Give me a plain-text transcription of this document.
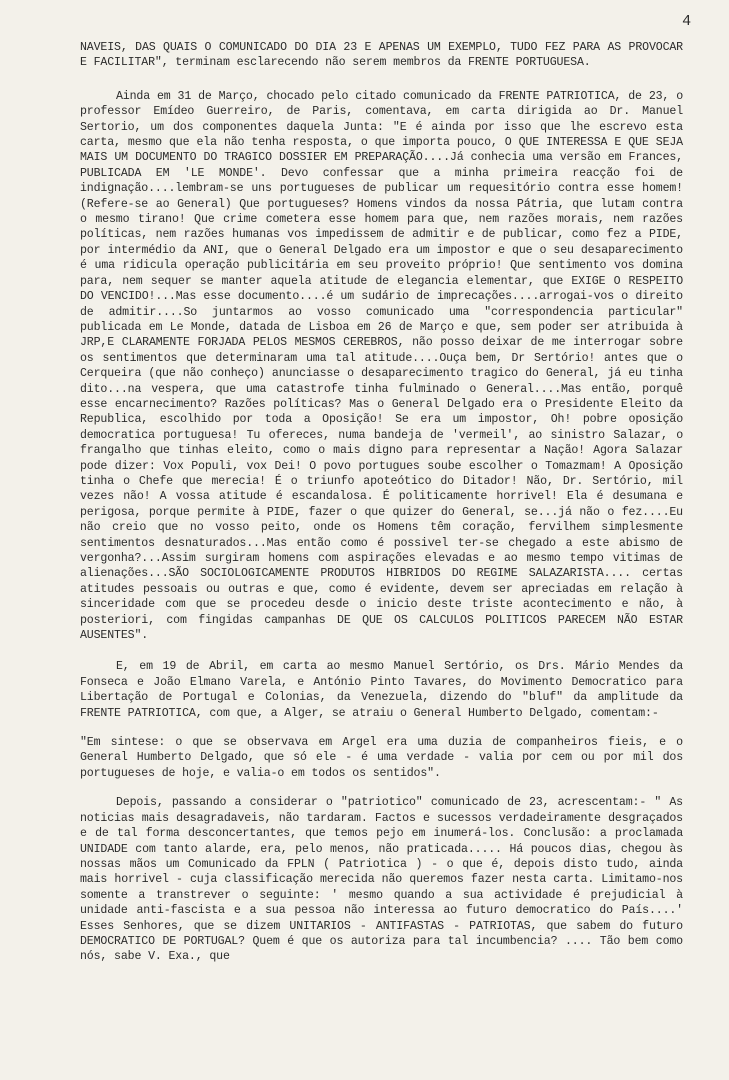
4

NAVEIS, DAS QUAIS O COMUNICADO DO DIA 23 E APENAS UM EXEMPLO, TUDO FEZ PARA AS PROVOCAR E FACILITAR", terminam esclarecendo não serem membros da FRENTE PORTUGUESA.

Ainda em 31 de Março, chocado pelo citado comunicado da FRENTE PATRIOTICA, de 23, o professor Emídeo Guerreiro, de Paris, comentava, em carta dirigida ao Dr. Manuel Sertorio, um dos componentes daquela Junta: "E é ainda por isso que lhe escrevo esta carta, mesmo que ela não tenha resposta, o que importa pouco, O QUE INTERESSA E QUE SEJA MAIS UM DOCUMENTO DO TRAGICO DOSSIER EM PREPARAÇÃO....Já conhecia uma versão em Frances, PUBLICADA EM 'LE MONDE'. Devo confessar que a minha primeira reacção foi de indignação....lembram-se uns portugueses de publicar um requesitório contra esse homem! (Refere-se ao General) Que portugueses? Homens vindos da nossa Pátria, que lutam contra o mesmo tirano! Que crime cometera esse homem para que, nem razões morais, nem razões políticas, nem razões humanas vos impedissem de admitir e de publicar, como fez a PIDE, por intermédio da ANI, que o General Delgado era um impostor e que o seu desaparecimento é uma ridicula operação publicitária em seu proveito próprio! Que sentimento vos domina para, nem sequer se manter aquela atitude de elegancia elementar, que EXIGE O RESPEITO DO VENCIDO!...Mas esse documento....é um sudário de imprecações....arrogai-vos o direito de admitir....So juntarmos ao vosso comunicado uma "correspondencia particular" publicada em Le Monde, datada de Lisboa em 26 de Março e que, sem poder ser atribuida à JRP,E CLARAMENTE FORJADA PELOS MESMOS CEREBROS, não posso deixar de me interrogar sobre os sentimentos que determinaram uma tal atitude....Ouça bem, Dr Sertório! antes que o Cerqueira (que não conheço) anunciasse o desaparecimento tragico do General, já eu tinha dito...na vespera, que uma catastrofe tinha fulminado o General....Mas então, porquê esse encarnecimento? Razões políticas? Mas o General Delgado era o Presidente Eleito da Republica, escolhido por toda a Oposição! Se era um impostor, Oh! pobre oposição democratica portuguesa! Tu ofereces, numa bandeja de 'vermeil', ao sinistro Salazar, o frangalho que tinhas eleito, como o mais digno para representar a Nação! Agora Salazar pode dizer: Vox Populi, vox Dei! O povo portugues soube escolher o Tomazmam! A Oposição tinha o Chefe que merecia! É o triunfo apoteótico do Ditador! Não, Dr. Sertório, mil vezes não! A vossa atitude é escandalosa. É politicamente horrivel! Ela é desumana e perigosa, porque permite à PIDE, fazer o que quizer do General, se...já não o fez....Eu não creio que no vosso peito, onde os Homens têm coração, fervilhem simplesmente sentimentos desnaturados...Mas então como é possivel ter-se chegado a este abismo de vergonha?...Assim surgiram homens com aspirações elevadas e ao mesmo tempo vitimas de alienações...SÃO SOCIOLOGICAMENTE PRODUTOS HIBRIDOS DO REGIME SALAZARISTA.... certas atitudes pessoais ou outras e que, como é evidente, devem ser apreciadas em relação à sinceridade com que se procedeu desde o inicio deste triste acontecimento e não, à posteriori, com fingidas campanhas DE QUE OS CALCULOS POLITICOS PARECEM NÃO ESTAR AUSENTES".

E, em 19 de Abril, em carta ao mesmo Manuel Sertório, os Drs. Mário Mendes da Fonseca e João Elmano Varela, e António Pinto Tavares, do Movimento Democratico para Libertação de Portugal e Colonias, da Venezuela, dizendo do "bluf" da amplitude da FRENTE PATRIOTICA, com que, a Alger, se atraiu o General Humberto Delgado, comentam:-

"Em sintese: o que se observava em Argel era uma duzia de companheiros fieis, e o General Humberto Delgado, que só ele - é uma verdade - valia por cem ou por mil dos portugueses de hoje, e valia-o em todos os sentidos".

Depois, passando a considerar o "patriotico" comunicado de 23, acrescentam:- " As noticias mais desagradaveis, não tardaram. Factos e sucessos verdadeiramente desgraçados e de tal forma desconcertantes, que temos pejo em inumerá-los. Conclusão: a proclamada UNIDADE com tanto alarde, era, pelo menos, não praticada..... Há poucos dias, chegou às nossas mãos um Comunicado da FPLN ( Patriotica ) - o que é, depois disto tudo, ainda mais horrivel - cuja classificação merecida não queremos fazer nesta carta. Limitamo-nos somente a transtrever o seguinte: ' mesmo quando a sua actividade é prejudicial à unidade anti-fascista e a sua pessoa não interessa ao futuro democratico do País....' Esses Senhores, que se dizem UNITARIOS - ANTIFASTAS - PATRIOTAS, que sabem do futuro DEMOCRATICO DE PORTUGAL? Quem é que os autoriza para tal incumbencia? .... Tão bem como nós, sabe V. Exa., que
